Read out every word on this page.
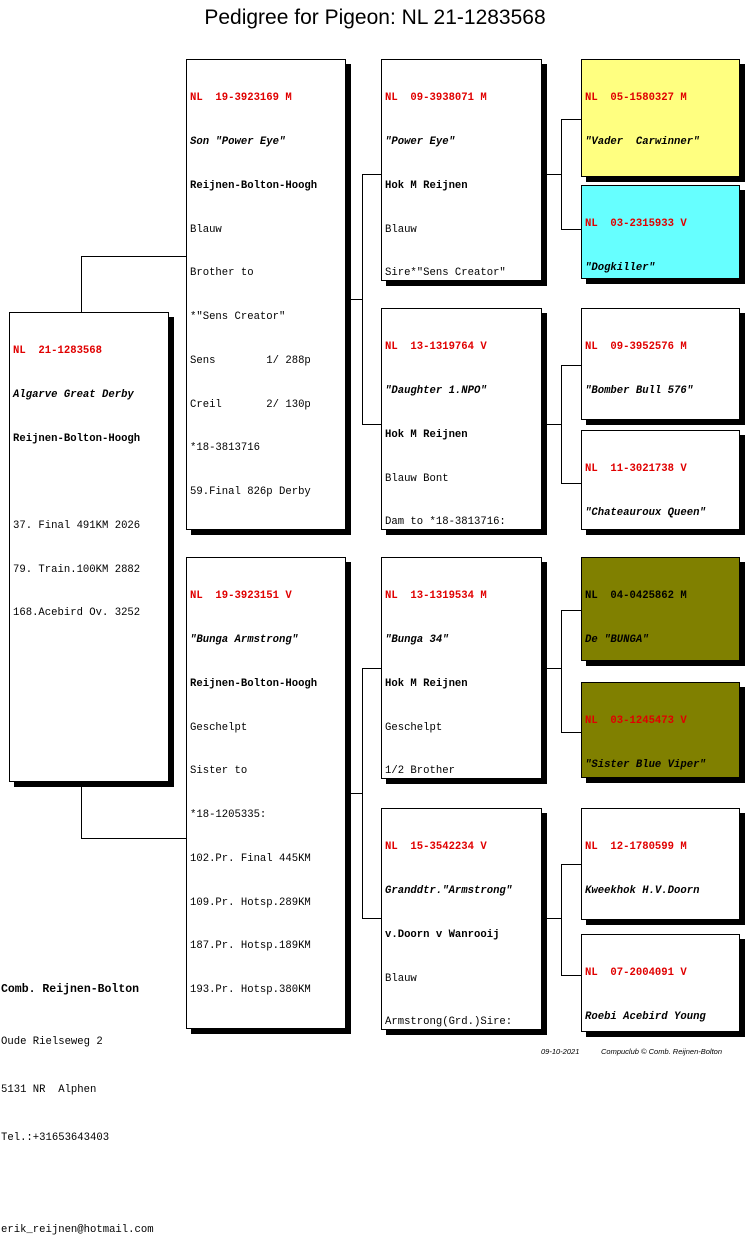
Pedigree for Pigeon: NL 21-1283568

NL  21-1283568

Algarve Great Derby

Reijnen-Bolton-Hoogh

37. Final 491KM 2026

79. Train.100KM 2882

168.Acebird Ov. 3252

NL  19-3923169 M

Son "Power Eye"

Reijnen-Bolton-Hoogh

Blauw

Brother to

*"Sens Creator"

Sens        1/ 288p

Creil       2/ 130p

*18-3813716

59.Final 826p Derby

NL  19-3923151 V

"Bunga Armstrong"

Reijnen-Bolton-Hoogh

Geschelpt

Sister to

*18-1205335:

102.Pr. Final 445KM

109.Pr. Hotsp.289KM

187.Pr. Hotsp.189KM

193.Pr. Hotsp.380KM

NL  09-3938071 M

"Power Eye"

Hok M Reijnen

Blauw

Sire*"Sens Creator"

NL  13-1319764 V

"Daughter 1.NPO"

Hok M Reijnen

Blauw Bont

Dam to *18-3813716:

NL  13-1319534 M

"Bunga 34"

Hok M Reijnen

Geschelpt

1/2 Brother

NL  15-3542234 V

Granddtr."Armstrong"

v.Doorn v Wanrooij

Blauw

Armstrong(Grd.)Sire:

NL  05-1580327 M

"Vader  Carwinner"

NL  03-2315933 V

"Dogkiller"

NL  09-3952576 M

"Bomber Bull 576"

NL  11-3021738 V

"Chateauroux Queen"

NL  04-0425862 M

De "BUNGA"

NL  03-1245473 V

"Sister Blue Viper"

NL  12-1780599 M

Kweekhok H.V.Doorn

NL  07-2004091 V

Roebi Acebird Young

Comb. Reijnen-Bolton

Oude Rielseweg 2

5131 NR  Alphen

Tel.:+31653643403

erik_reijnen@hotmail.com

09-10-2021	Compuclub © Comb. Reijnen-Bolton
